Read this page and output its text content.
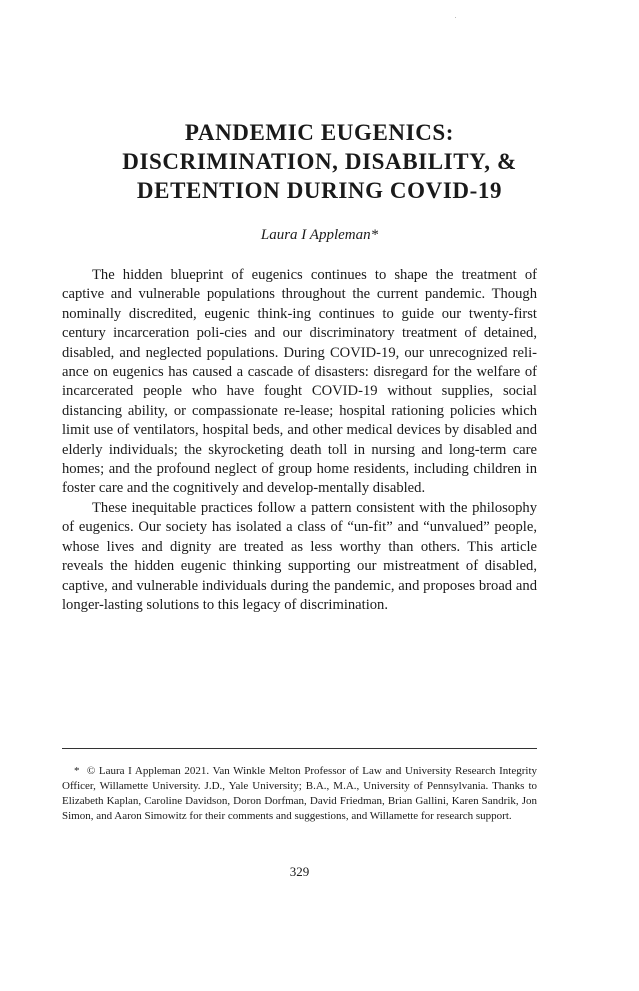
PANDEMIC EUGENICS:
DISCRIMINATION, DISABILITY, &
DETENTION DURING COVID-19
Laura I Appleman*

The hidden blueprint of eugenics continues to shape the treatment of captive and vulnerable populations throughout the current pandemic. Though nominally discredited, eugenic think-ing continues to guide our twenty-first century incarceration poli-cies and our discriminatory treatment of detained, disabled, and neglected populations. During COVID-19, our unrecognized reli-ance on eugenics has caused a cascade of disasters: disregard for the welfare of incarcerated people who have fought COVID-19 without supplies, social distancing ability, or compassionate re-lease; hospital rationing policies which limit use of ventilators, hospital beds, and other medical devices by disabled and elderly individuals; the skyrocketing death toll in nursing and long-term care homes; and the profound neglect of group home residents, including children in foster care and the cognitively and develop-mentally disabled.

These inequitable practices follow a pattern consistent with the philosophy of eugenics. Our society has isolated a class of “un-fit” and “unvalued” people, whose lives and dignity are treated as less worthy than others. This article reveals the hidden eugenic thinking supporting our mistreatment of disabled, captive, and vulnerable individuals during the pandemic, and proposes broad and longer-lasting solutions to this legacy of discrimination.

* © Laura I Appleman 2021. Van Winkle Melton Professor of Law and University Research Integrity Officer, Willamette University. J.D., Yale University; B.A., M.A., University of Pennsylvania. Thanks to Elizabeth Kaplan, Caroline Davidson, Doron Dorfman, David Friedman, Brian Gallini, Karen Sandrik, Jon Simon, and Aaron Simowitz for their comments and suggestions, and Willamette for research support.
329
